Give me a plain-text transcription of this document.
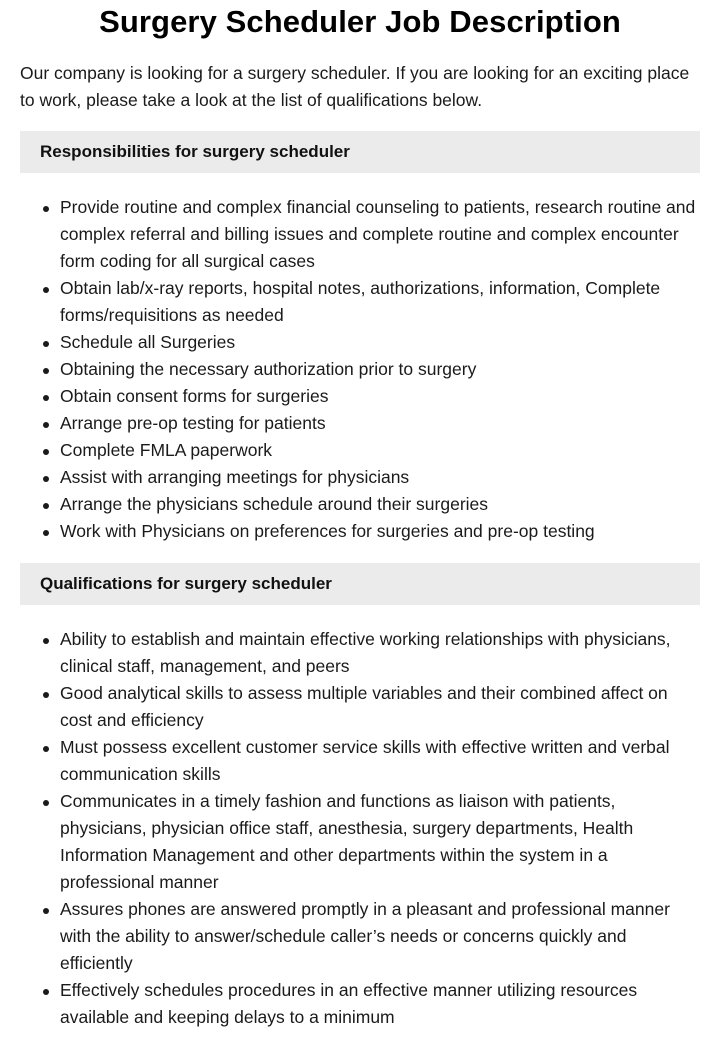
Surgery Scheduler Job Description

Our company is looking for a surgery scheduler. If you are looking for an exciting place to work, please take a look at the list of qualifications below.

Responsibilities for surgery scheduler
Provide routine and complex financial counseling to patients, research routine and complex referral and billing issues and complete routine and complex encounter form coding for all surgical cases
Obtain lab/x-ray reports, hospital notes, authorizations, information, Complete forms/requisitions as needed
Schedule all Surgeries
Obtaining the necessary authorization prior to surgery
Obtain consent forms for surgeries
Arrange pre-op testing for patients
Complete FMLA paperwork
Assist with arranging meetings for physicians
Arrange the physicians schedule around their surgeries
Work with Physicians on preferences for surgeries and pre-op testing
Qualifications for surgery scheduler
Ability to establish and maintain effective working relationships with physicians, clinical staff, management, and peers
Good analytical skills to assess multiple variables and their combined affect on cost and efficiency
Must possess excellent customer service skills with effective written and verbal communication skills
Communicates in a timely fashion and functions as liaison with patients, physicians, physician office staff, anesthesia, surgery departments, Health Information Management and other departments within the system in a professional manner
Assures phones are answered promptly in a pleasant and professional manner with the ability to answer/schedule caller’s needs or concerns quickly and efficiently
Effectively schedules procedures in an effective manner utilizing resources available and keeping delays to a minimum
